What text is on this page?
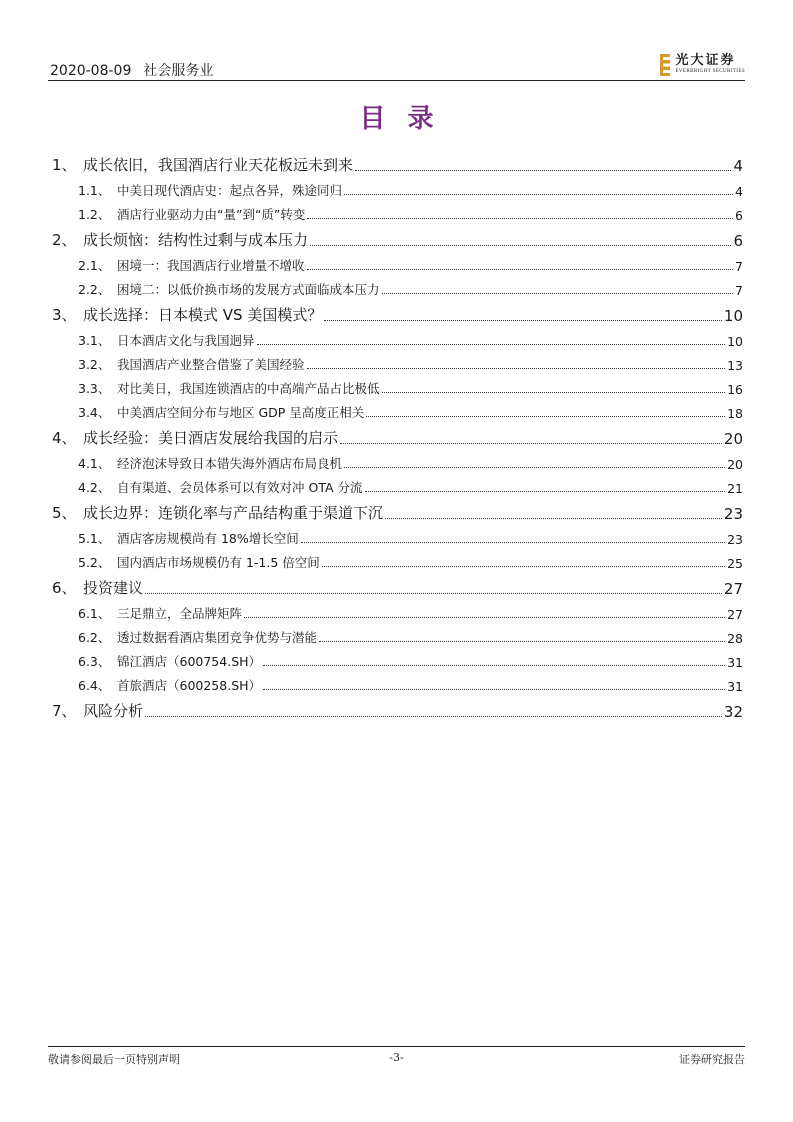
2020-08-09 社会服务业
光大证券
EVERBRIGHT SECURITIES
目录
1、 成长依旧，我国酒店行业天花板远未到来	4
1.1、 中美日现代酒店史：起点各异，殊途同归	4
1.2、 酒店行业驱动力由“量”到“质”转变	6
2、 成长烦恼：结构性过剩与成本压力	6
2.1、 困境一：我国酒店行业增量不增收	7
2.2、 困境二：以低价换市场的发展方式面临成本压力	7
3、 成长选择：日本模式 VS 美国模式？	10
3.1、 日本酒店文化与我国迥异	10
3.2、 我国酒店产业整合借鉴了美国经验	13
3.3、 对比美日，我国连锁酒店的中高端产品占比极低	16
3.4、 中美酒店空间分布与地区 GDP 呈高度正相关	18
4、 成长经验：美日酒店发展给我国的启示	20
4.1、 经济泡沫导致日本错失海外酒店布局良机	20
4.2、 自有渠道、会员体系可以有效对冲 OTA 分流	21
5、 成长边界：连锁化率与产品结构重于渠道下沉	23
5.1、 酒店客房规模尚有 18%增长空间	23
5.2、 国内酒店市场规模仍有 1-1.5 倍空间	25
6、 投资建议	27
6.1、 三足鼎立，全品牌矩阵	27
6.2、 透过数据看酒店集团竞争优势与潜能	28
6.3、 锦江酒店（600754.SH）	31
6.4、 首旅酒店（600258.SH）	31
7、 风险分析	32
-3-
敬请参阅最后一页特别声明	证券研究报告
